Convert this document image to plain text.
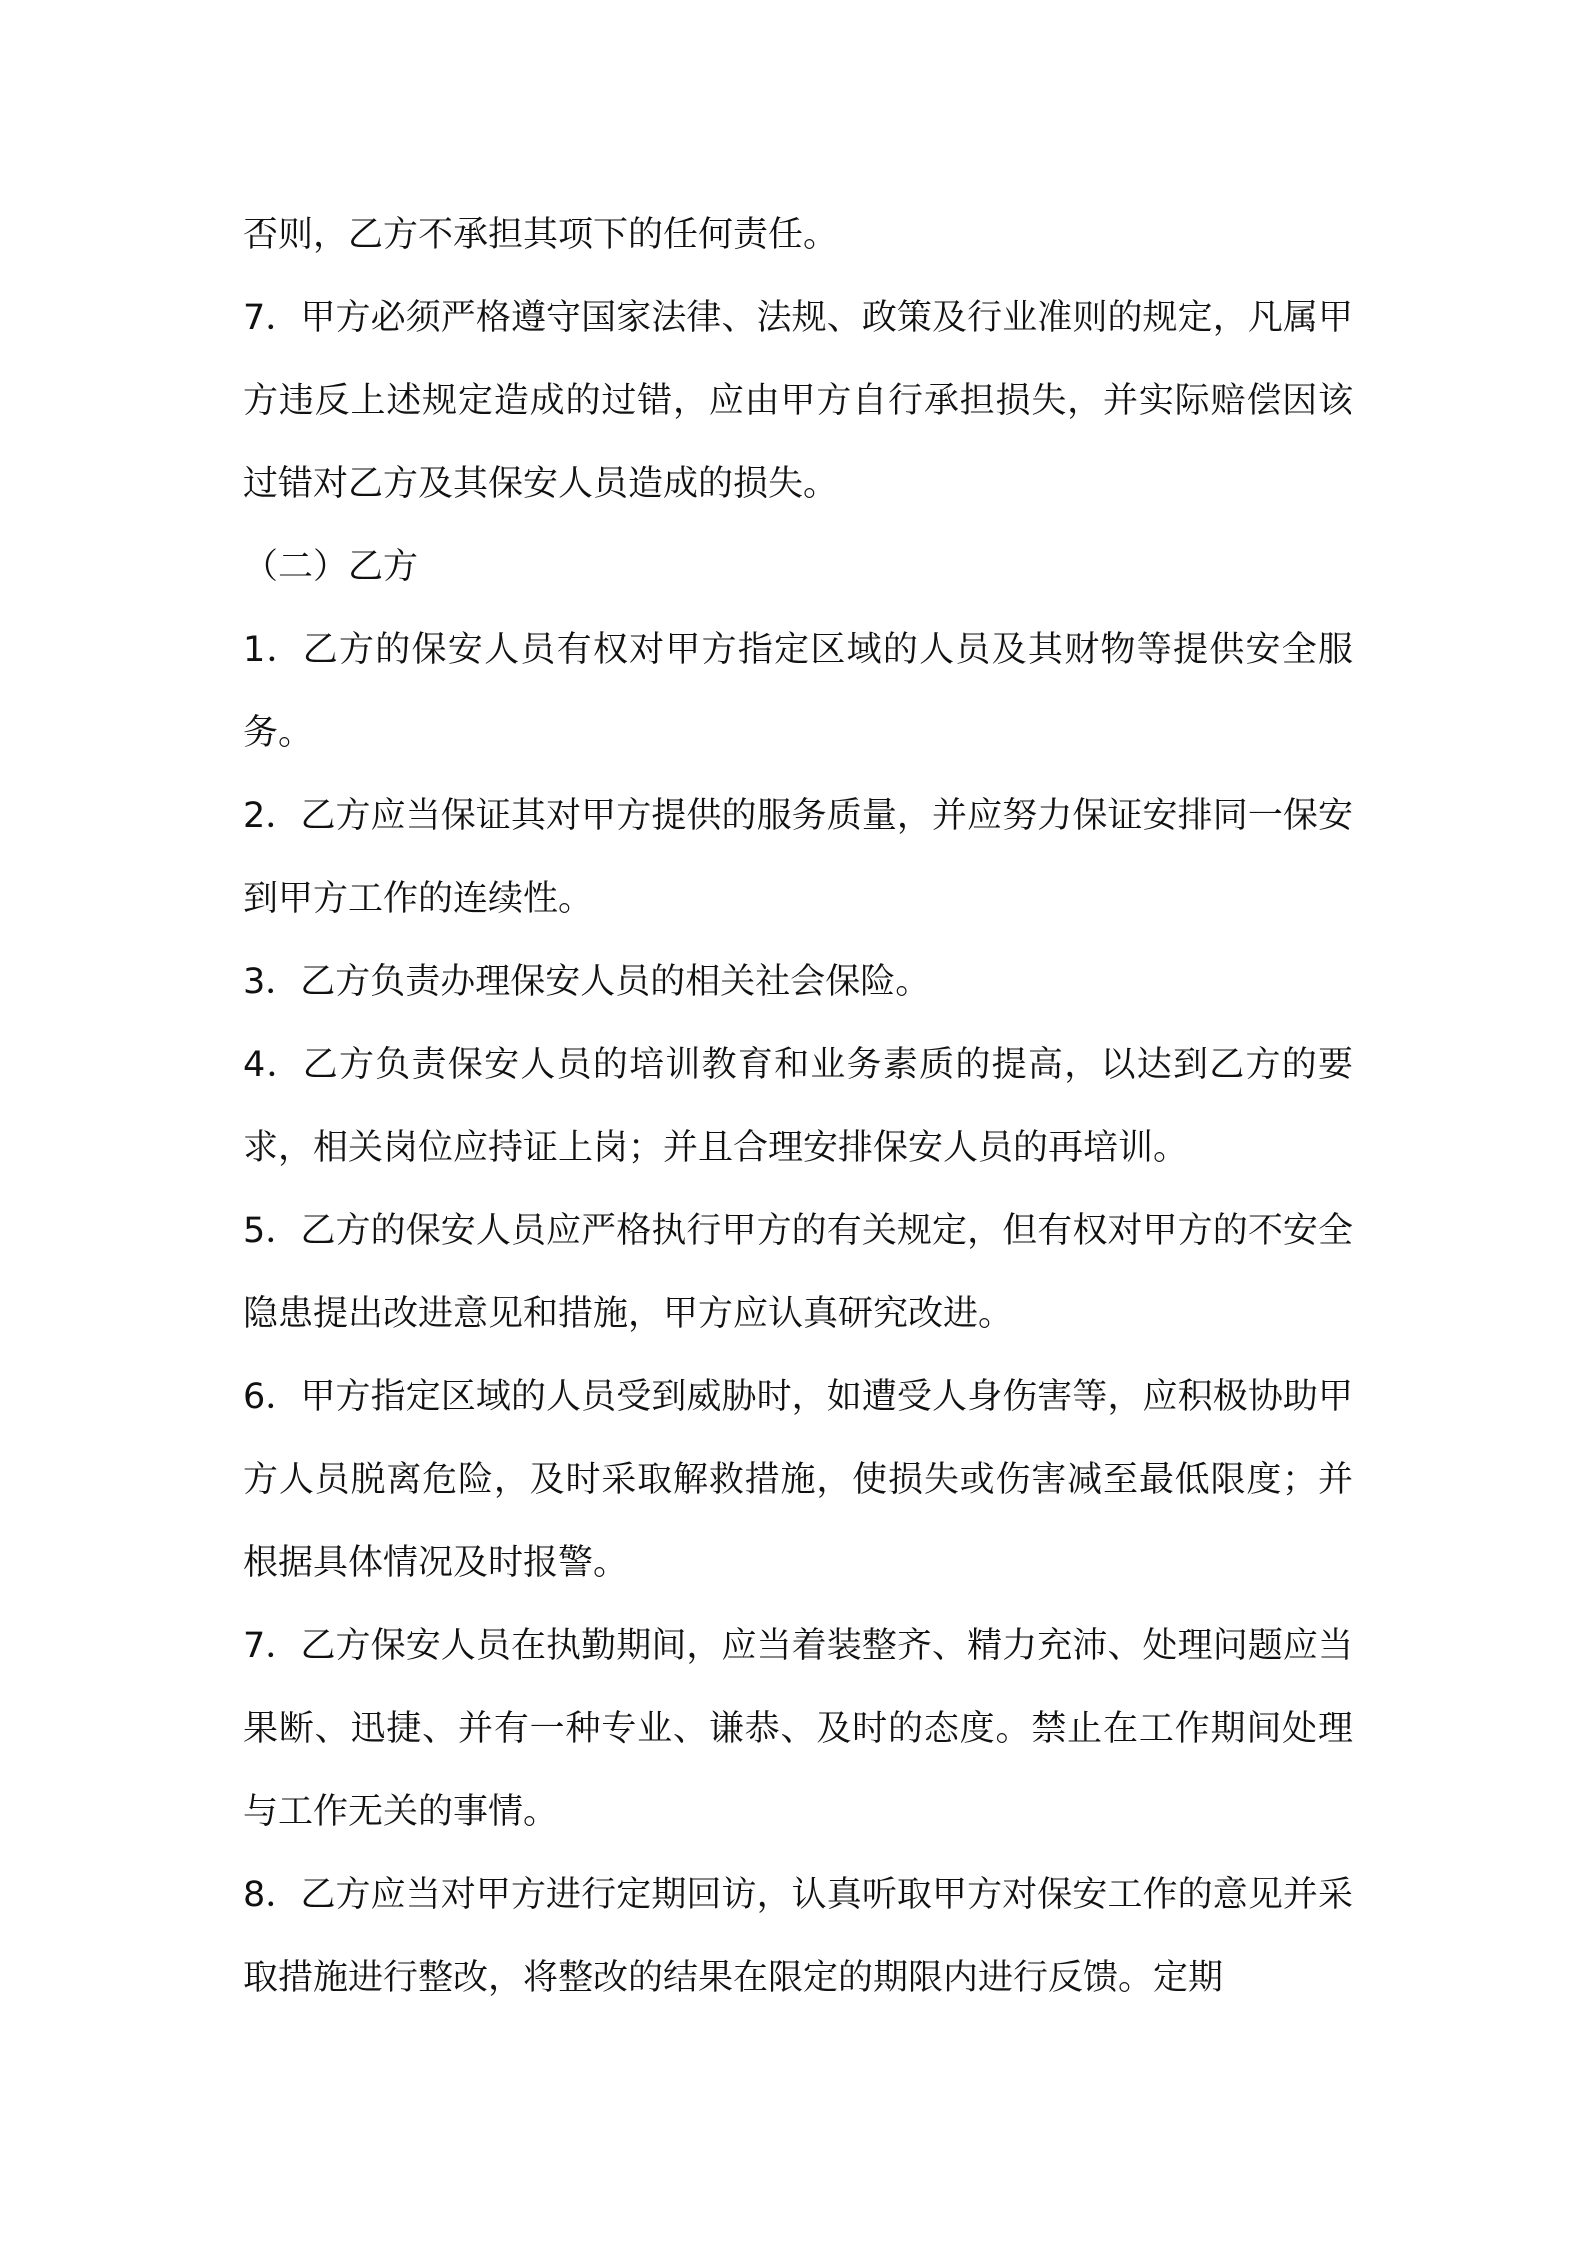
否则，乙方不承担其项下的任何责任。

7．甲方必须严格遵守国家法律、法规、政策及行业准则的规定，凡属甲方违反上述规定造成的过错，应由甲方自行承担损失，并实际赔偿因该过错对乙方及其保安人员造成的损失。

（二）乙方

1．乙方的保安人员有权对甲方指定区域的人员及其财物等提供安全服务。

2．乙方应当保证其对甲方提供的服务质量，并应努力保证安排同一保安到甲方工作的连续性。

3．乙方负责办理保安人员的相关社会保险。

4．乙方负责保安人员的培训教育和业务素质的提高，以达到乙方的要求，相关岗位应持证上岗；并且合理安排保安人员的再培训。

5．乙方的保安人员应严格执行甲方的有关规定，但有权对甲方的不安全隐患提出改进意见和措施，甲方应认真研究改进。

6．甲方指定区域的人员受到威胁时，如遭受人身伤害等，应积极协助甲方人员脱离危险，及时采取解救措施，使损失或伤害减至最低限度；并根据具体情况及时报警。

7．乙方保安人员在执勤期间，应当着装整齐、精力充沛、处理问题应当果断、迅捷、并有一种专业、谦恭、及时的态度。禁止在工作期间处理与工作无关的事情。

8．乙方应当对甲方进行定期回访，认真听取甲方对保安工作的意见并采取措施进行整改，将整改的结果在限定的期限内进行反馈。定期
